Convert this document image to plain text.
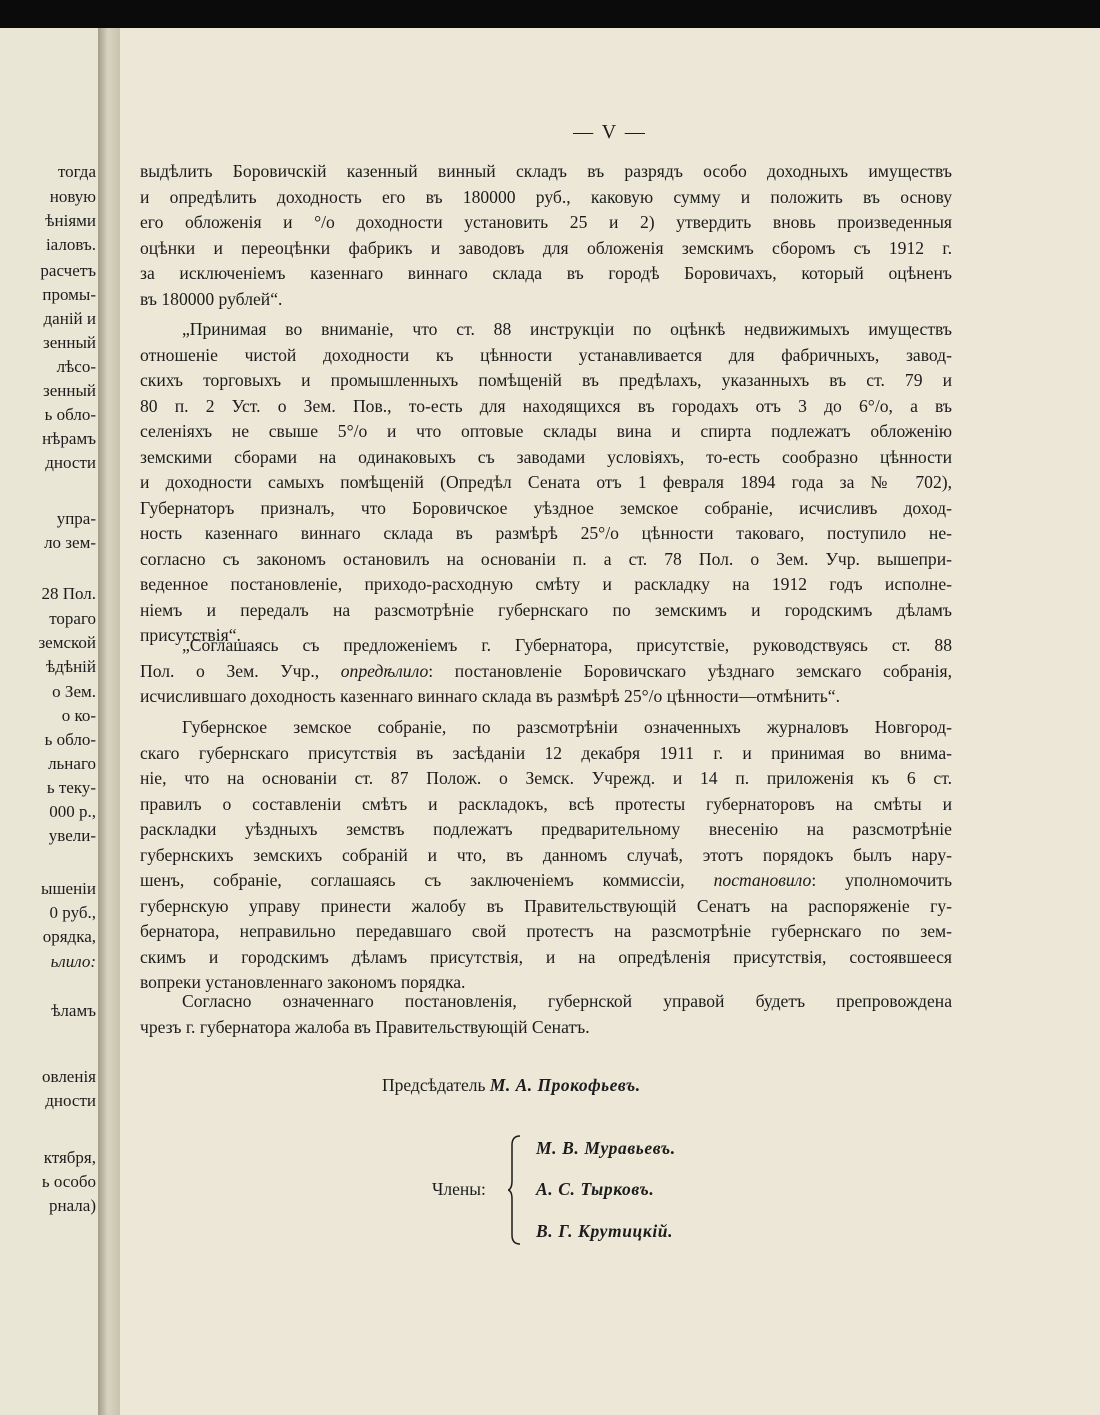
тогда
новую
ѣніями
іаловъ.
расчетъ
промы-
даній и
зенный
лѣсо-
зенный
ь обло-
нѣрамъ
дности
упра-
ло зем-
28 Пол.
тораго
земской
ѣдѣній
о Зем.
о ко-
ь обло-
льнаго
ь теку-
000 р.,
увели-
ышеніи
0 руб.,
орядка,
ьлило:
ѣламъ
овленія
дности
ктября,
ь особо
рнала)
— V —
выдѣлить Боровичскій казенный винный складъ въ разрядъ особо доходныхъ имуществъ
и опредѣлить доходность его въ 180000 руб., каковую сумму и положить въ основу
его обложенія и °/о доходности установить 25 и 2) утвердить вновь произведенныя
оцѣнки и переоцѣнки фабрикъ и заводовъ для обложенія земскимъ сборомъ съ 1912 г.
за исключеніемъ казеннаго виннаго склада въ городѣ Боровичахъ, который оцѣненъ
въ 180000 рублей“.
„Принимая во вниманіе, что ст. 88 инструкціи по оцѣнкѣ недвижимыхъ имуществъ
отношеніе чистой доходности къ цѣнности устанавливается для фабричныхъ, завод-
скихъ торговыхъ и промышленныхъ помѣщеній въ предѣлахъ, указанныхъ въ ст. 79 и
80 п. 2 Уст. о Зем. Пов., то-есть для находящихся въ городахъ отъ 3 до 6°/о, а въ
селеніяхъ не свыше 5°/о и что оптовые склады вина и спирта подлежатъ обложенію
земскими сборами на одинаковыхъ съ заводами условіяхъ, то-есть сообразно цѣнности
и доходности самыхъ помѣщеній (Опредѣл Сената отъ 1 февраля 1894 года за № 702),
Губернаторъ призналъ, что Боровичское уѣздное земское собраніе, исчисливъ доход-
ность казеннаго виннаго склада въ размѣрѣ 25°/о цѣнности таковаго, поступило не-
согласно съ закономъ остановилъ на основаніи п. а ст. 78 Пол. о Зем. Учр. вышепри-
веденное постановленіе, приходо-расходную смѣту и раскладку на 1912 годъ исполне-
ніемъ и передалъ на разсмотрѣніе губернскаго по земскимъ и городскимъ дѣламъ
присутствія“.
„Соглашаясь съ предложеніемъ г. Губернатора, присутствіе, руководствуясь ст. 88
Пол. о Зем. Учр., опредѣлило: постановленіе Боровичскаго уѣзднаго земскаго собранія,
исчислившаго доходность казеннаго виннаго склада въ размѣрѣ 25°/о цѣнности—отмѣнить“.
Губернское земское собраніе, по разсмотрѣніи означенныхъ журналовъ Новгород-
скаго губернскаго присутствія въ засѣданіи 12 декабря 1911 г. и принимая во внима-
ніе, что на основаніи ст. 87 Полож. о Земск. Учрежд. и 14 п. приложенія къ 6 ст.
правилъ о составленіи смѣтъ и раскладокъ, всѣ протесты губернаторовъ на смѣты и
раскладки уѣздныхъ земствъ подлежатъ предварительному внесенію на разсмотрѣніе
губернскихъ земскихъ собраній и что, въ данномъ случаѣ, этотъ порядокъ былъ нару-
шенъ, собраніе, соглашаясь съ заключеніемъ коммиссіи, постановило: уполномочить
губернскую управу принести жалобу въ Правительствующій Сенатъ на распоряженіе гу-
бернатора, неправильно передавшаго свой протестъ на разсмотрѣніе губернскаго по зем-
скимъ и городскимъ дѣламъ присутствія, и на опредѣленія присутствія, состоявшееся
вопреки установленнаго закономъ порядка.
Согласно означеннаго постановленія, губернской управой будетъ препровождена
чрезъ г. губернатора жалоба въ Правительствующій Сенатъ.
Предсѣдатель М. А. Прокофьевъ.
Члены:
М. В. Муравьевъ.
А. С. Тырковъ.
В. Г. Крутицкій.
